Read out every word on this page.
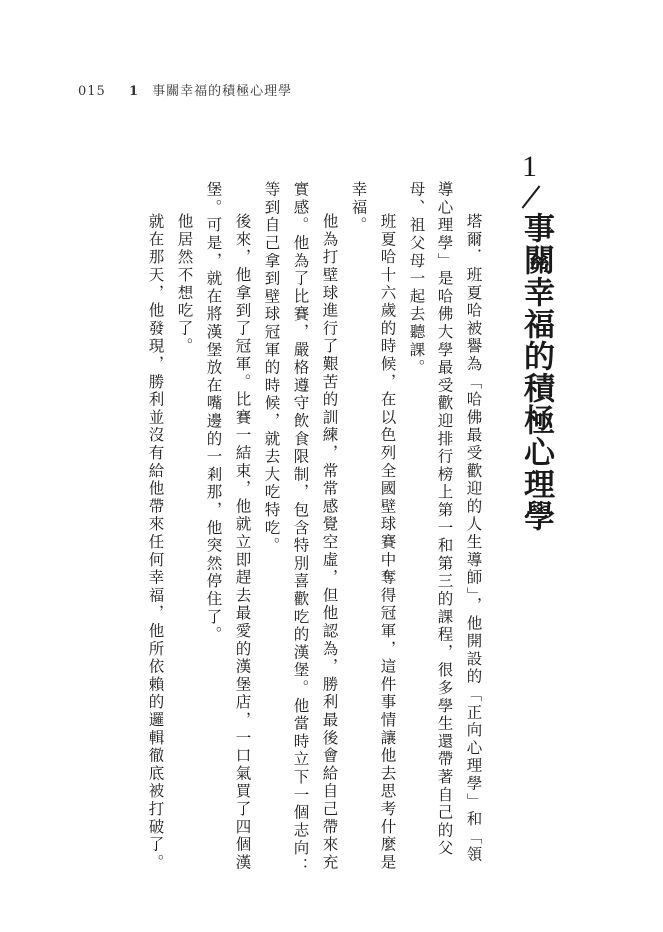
015 1 事關幸福的積極心理學
1
事關幸福的積極心理學
塔爾．班夏哈被譽為「哈佛最受歡迎的人生導師」，他開設的「正向心理學」和「領
導心理學」是哈佛大學最受歡迎排行榜上第一和第三的課程，很多學生還帶著自己的父
母、祖父母一起去聽課。
班夏哈十六歲的時候，在以色列全國壁球賽中奪得冠軍，這件事情讓他去思考什麼是
幸福。
他為打壁球進行了艱苦的訓練，常常感覺空虛，但他認為，勝利最後會給自己帶來充
實感。他為了比賽，嚴格遵守飲食限制，包含特別喜歡吃的漢堡。他當時立下一個志向：
等到自己拿到壁球冠軍的時候，就去大吃特吃。
後來，他拿到了冠軍。比賽一結束，他就立即趕去最愛的漢堡店，一口氣買了四個漢
堡。可是，就在將漢堡放在嘴邊的一剎那，他突然停住了。
他居然不想吃了。
就在那天，他發現，勝利並沒有給他帶來任何幸福，他所依賴的邏輯徹底被打破了。
